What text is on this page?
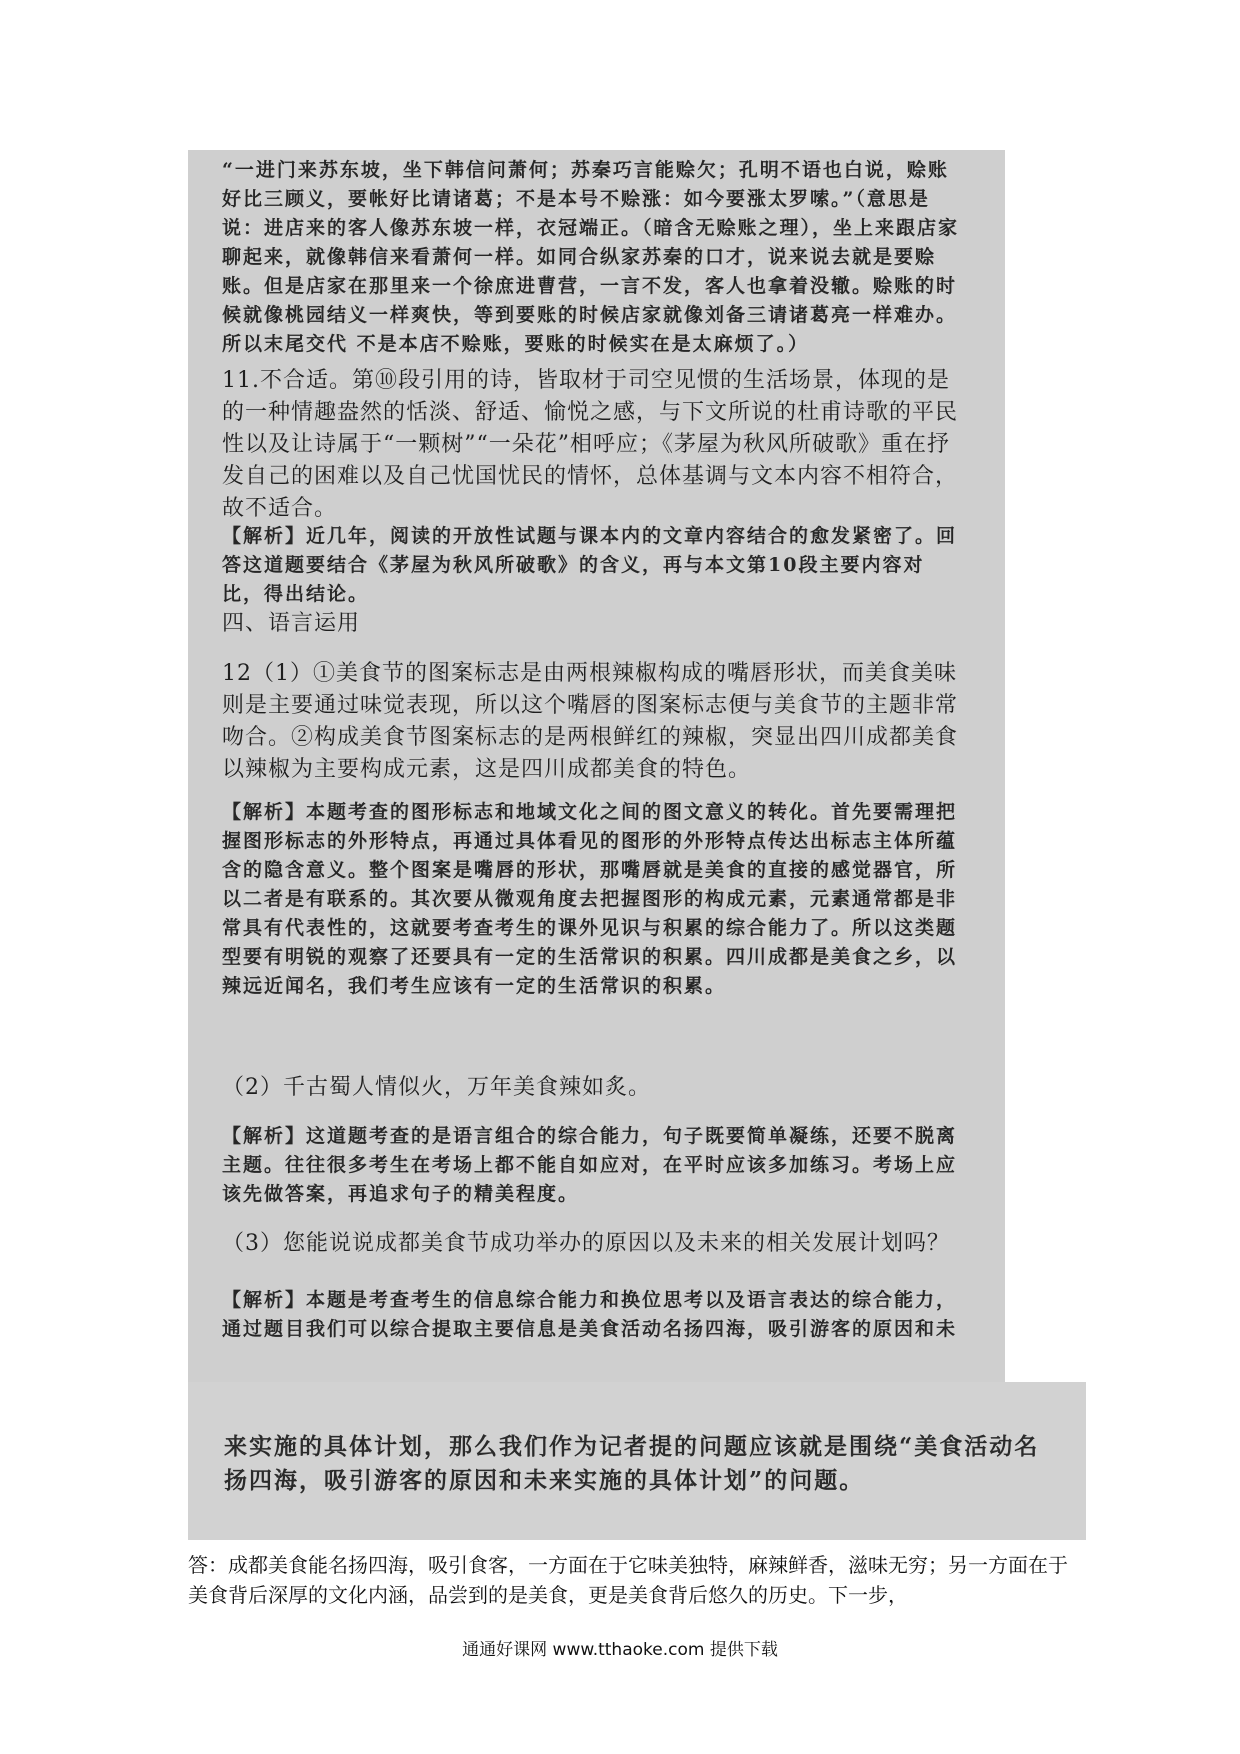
“一进门来苏东坡，坐下韩信问萧何；苏秦巧言能赊欠；孔明不语也白说，赊账好比三顾义，要帐好比请诸葛；不是本号不赊涨：如今要涨太罗嗦。”（意思是说：进店来的客人像苏东坡一样，衣冠端正。（暗含无赊账之理），坐上来跟店家聊起来，就像韩信来看萧何一样。如同合纵家苏秦的口才，说来说去就是要赊账。但是店家在那里来一个徐庶进曹营，一言不发，客人也拿着没辙。赊账的时候就像桃园结义一样爽快，等到要账的时候店家就像刘备三请诸葛亮一样难办。所以末尾交代 不是本店不赊账，要账的时候实在是太麻烦了。）

11.不合适。第⑩段引用的诗，皆取材于司空见惯的生活场景，体现的是的一种情趣盎然的恬淡、舒适、愉悦之感，与下文所说的杜甫诗歌的平民性以及让诗属于“一颗树”“一朵花”相呼应；《茅屋为秋风所破歌》重在抒发自己的困难以及自己忧国忧民的情怀，总体基调与文本内容不相符合，故不适合。

【解析】近几年，阅读的开放性试题与课本内的文章内容结合的愈发紧密了。回答这道题要结合《茅屋为秋风所破歌》的含义，再与本文第10段主要内容对比，得出结论。

四、语言运用

12（1）①美食节的图案标志是由两根辣椒构成的嘴唇形状，而美食美味则是主要通过味觉表现，所以这个嘴唇的图案标志便与美食节的主题非常吻合。②构成美食节图案标志的是两根鲜红的辣椒，突显出四川成都美食以辣椒为主要构成元素，这是四川成都美食的特色。

【解析】本题考查的图形标志和地域文化之间的图文意义的转化。首先要需理把握图形标志的外形特点，再通过具体看见的图形的外形特点传达出标志主体所蕴含的隐含意义。整个图案是嘴唇的形状，那嘴唇就是美食的直接的感觉器官，所以二者是有联系的。其次要从微观角度去把握图形的构成元素，元素通常都是非常具有代表性的，这就要考查考生的课外见识与积累的综合能力了。所以这类题型要有明锐的观察了还要具有一定的生活常识的积累。四川成都是美食之乡，以辣远近闻名，我们考生应该有一定的生活常识的积累。

（2）千古蜀人情似火，万年美食辣如炙。

【解析】这道题考查的是语言组合的综合能力，句子既要简单凝练，还要不脱离主题。往往很多考生在考场上都不能自如应对，在平时应该多加练习。考场上应该先做答案，再追求句子的精美程度。

（3）您能说说成都美食节成功举办的原因以及未来的相关发展计划吗？

【解析】本题是考查考生的信息综合能力和换位思考以及语言表达的综合能力，通过题目我们可以综合提取主要信息是美食活动名扬四海，吸引游客的原因和未

来实施的具体计划，那么我们作为记者提的问题应该就是围绕“美食活动名扬四海，吸引游客的原因和未来实施的具体计划”的问题。

答：成都美食能名扬四海，吸引食客，一方面在于它味美独特，麻辣鲜香，滋味无穷；另一方面在于美食背后深厚的文化内涵，品尝到的是美食，更是美食背后悠久的历史。下一步，

通通好课网 www.tthaoke.com 提供下载
